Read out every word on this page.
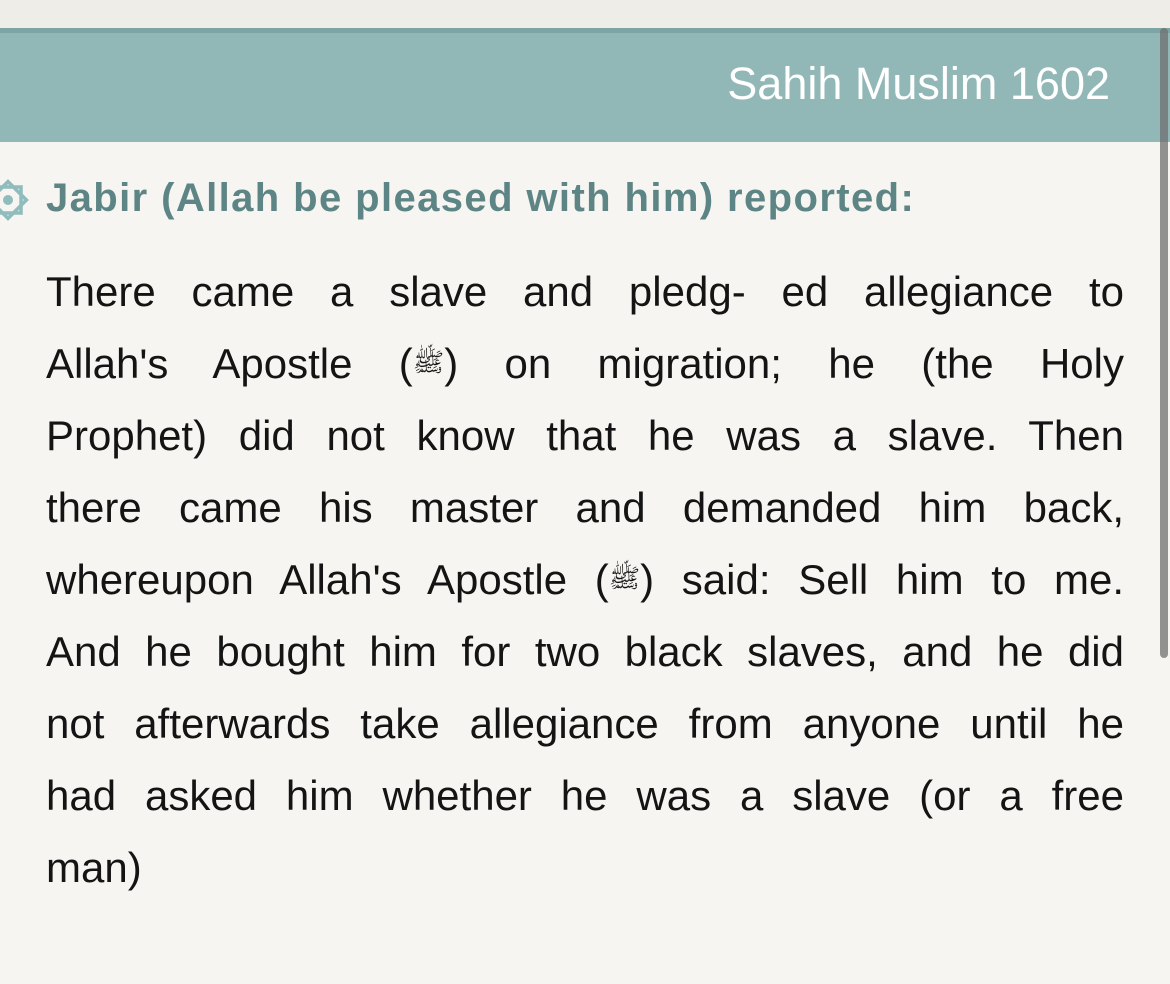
Sahih Muslim 1602
Jabir (Allah be pleased with him) reported:
There came a slave and pledg- ed allegiance to
Allah's Apostle (ﷺ) on migration; he (the Holy
Prophet) did not know that he was a slave. Then
there came his master and demanded him back,
whereupon Allah's Apostle (ﷺ) said: Sell him to me.
And he bought him for two black slaves, and he did
not afterwards take allegiance from anyone until he
had asked him whether he was a slave (or a free
man)
